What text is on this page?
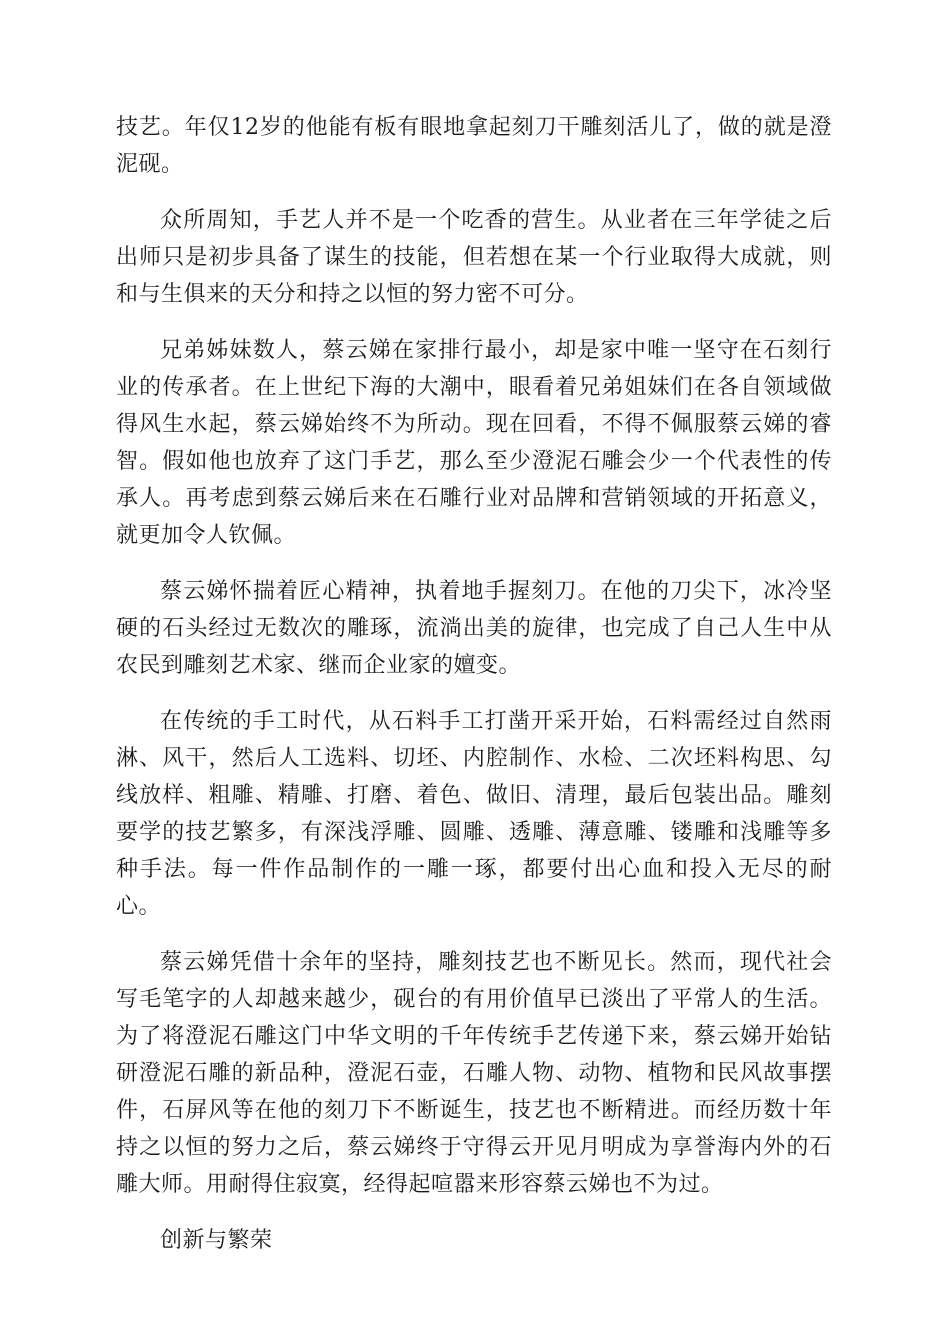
技艺。年仅12岁的他能有板有眼地拿起刻刀干雕刻活儿了，做的就是澄泥砚。

众所周知，手艺人并不是一个吃香的营生。从业者在三年学徒之后出师只是初步具备了谋生的技能，但若想在某一个行业取得大成就，则和与生俱来的天分和持之以恒的努力密不可分。

兄弟姊妹数人，蔡云娣在家排行最小，却是家中唯一坚守在石刻行业的传承者。在上世纪下海的大潮中，眼看着兄弟姐妹们在各自领域做得风生水起，蔡云娣始终不为所动。现在回看，不得不佩服蔡云娣的睿智。假如他也放弃了这门手艺，那么至少澄泥石雕会少一个代表性的传承人。再考虑到蔡云娣后来在石雕行业对品牌和营销领域的开拓意义，就更加令人钦佩。

蔡云娣怀揣着匠心精神，执着地手握刻刀。在他的刀尖下，冰冷坚硬的石头经过无数次的雕琢，流淌出美的旋律，也完成了自己人生中从农民到雕刻艺术家、继而企业家的嬗变。

在传统的手工时代，从石料手工打凿开采开始，石料需经过自然雨淋、风干，然后人工选料、切坯、内腔制作、水检、二次坯料构思、勾线放样、粗雕、精雕、打磨、着色、做旧、清理，最后包装出品。雕刻要学的技艺繁多，有深浅浮雕、圆雕、透雕、薄意雕、镂雕和浅雕等多种手法。每一件作品制作的一雕一琢，都要付出心血和投入无尽的耐心。

蔡云娣凭借十余年的坚持，雕刻技艺也不断见长。然而，现代社会写毛笔字的人却越来越少，砚台的有用价值早已淡出了平常人的生活。为了将澄泥石雕这门中华文明的千年传统手艺传递下来，蔡云娣开始钻研澄泥石雕的新品种，澄泥石壶，石雕人物、动物、植物和民风故事摆件，石屏风等在他的刻刀下不断诞生，技艺也不断精进。而经历数十年持之以恒的努力之后，蔡云娣终于守得云开见月明成为享誉海内外的石雕大师。用耐得住寂寞，经得起喧嚣来形容蔡云娣也不为过。

创新与繁荣
